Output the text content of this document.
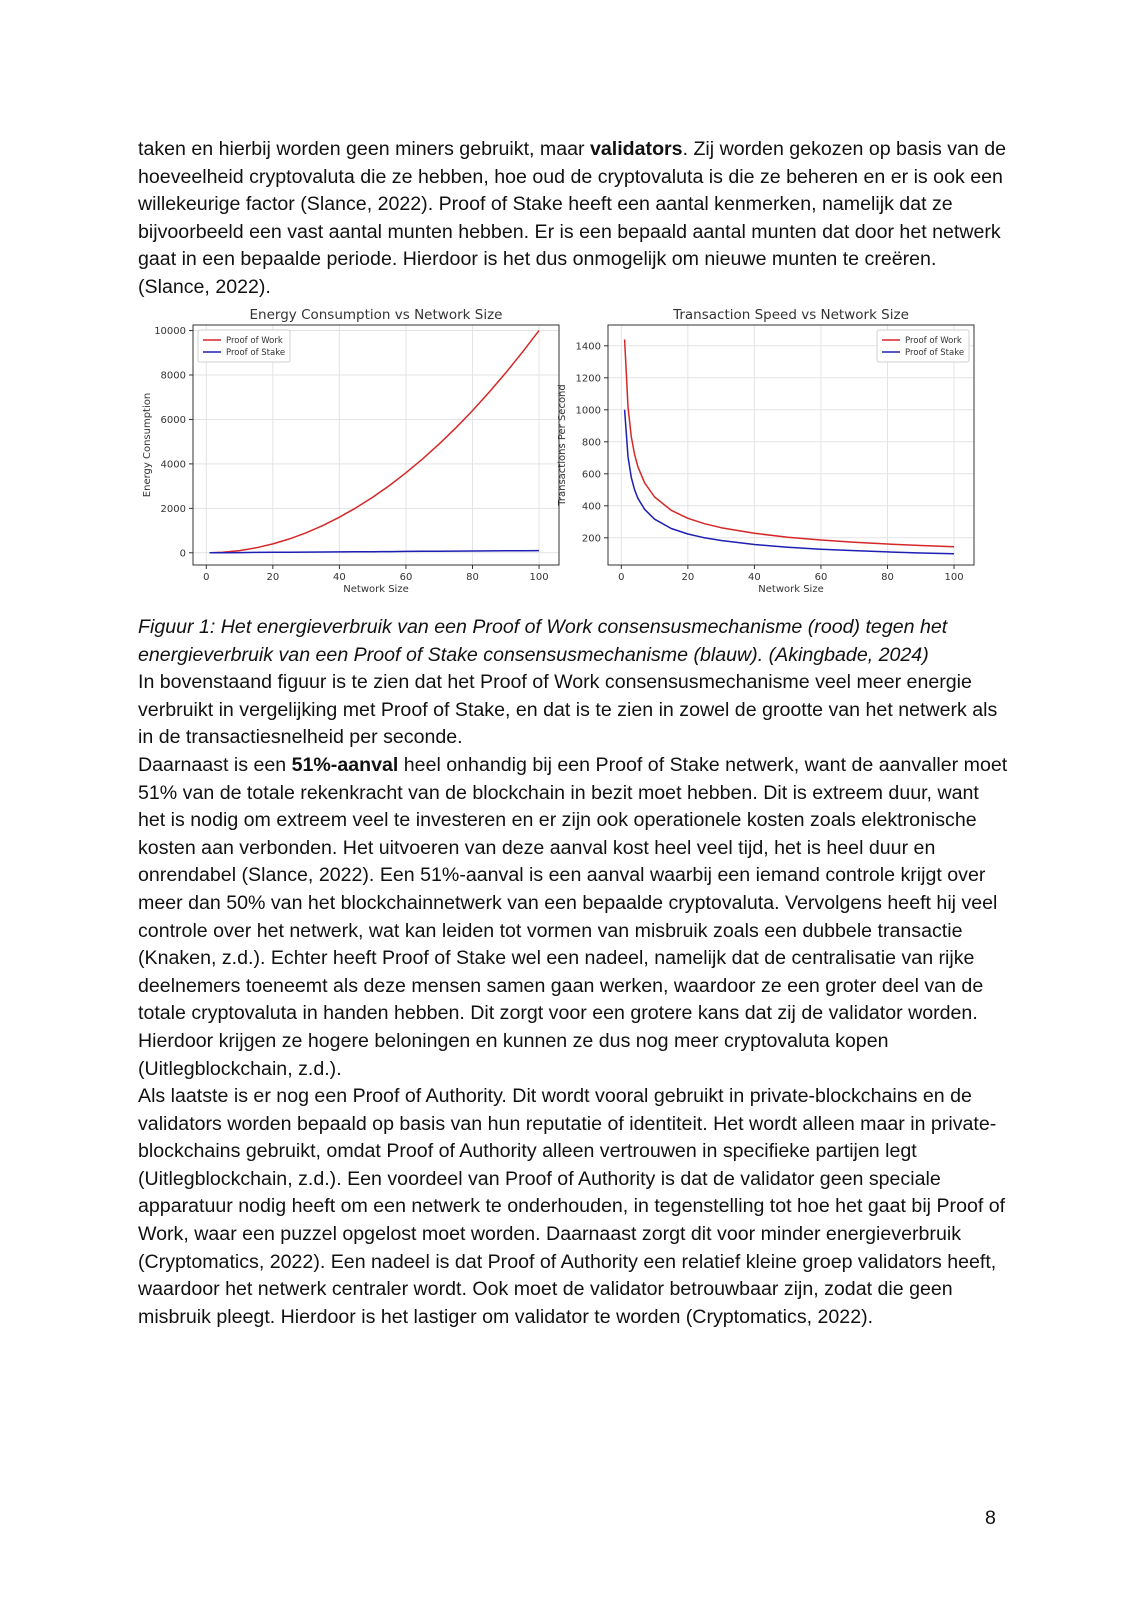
taken en hierbij worden geen miners gebruikt, maar validators. Zij worden gekozen op basis van de hoeveelheid cryptovaluta die ze hebben, hoe oud de cryptovaluta is die ze beheren en er is ook een willekeurige factor (Slance, 2022). Proof of Stake heeft een aantal kenmerken, namelijk dat ze bijvoorbeeld een vast aantal munten hebben. Er is een bepaald aantal munten dat door het netwerk gaat in een bepaalde periode. Hierdoor is het dus onmogelijk om nieuwe munten te creëren. (Slance, 2022).

0	20	40	60	80	100
0
2000
4000
6000
8000
10000
Energy Consumption vs Network Size
Network Size
Energy Consumption
Proof of Work
Proof of Stake
0	20	40	60	80	100
200
400
600
800
1000
1200
1400
Transaction Speed vs Network Size
Network Size
Transactions Per Second
Proof of Work
Proof of Stake

Figuur 1: Het energieverbruik van een Proof of Work consensusmechanisme (rood) tegen het energieverbruik van een Proof of Stake consensusmechanisme (blauw). (Akingbade, 2024)

In bovenstaand figuur is te zien dat het Proof of Work consensusmechanisme veel meer energie verbruikt in vergelijking met Proof of Stake, en dat is te zien in zowel de grootte van het netwerk als in de transactiesnelheid per seconde.

Daarnaast is een 51%-aanval heel onhandig bij een Proof of Stake netwerk, want de aanvaller moet 51% van de totale rekenkracht van de blockchain in bezit moet hebben. Dit is extreem duur, want het is nodig om extreem veel te investeren en er zijn ook operationele kosten zoals elektronische kosten aan verbonden. Het uitvoeren van deze aanval kost heel veel tijd, het is heel duur en onrendabel (Slance, 2022). Een 51%-aanval is een aanval waarbij een iemand controle krijgt over meer dan 50% van het blockchainnetwerk van een bepaalde cryptovaluta. Vervolgens heeft hij veel controle over het netwerk, wat kan leiden tot vormen van misbruik zoals een dubbele transactie (Knaken, z.d.). Echter heeft Proof of Stake wel een nadeel, namelijk dat de centralisatie van rijke deelnemers toeneemt als deze mensen samen gaan werken, waardoor ze een groter deel van de totale cryptovaluta in handen hebben. Dit zorgt voor een grotere kans dat zij de validator worden. Hierdoor krijgen ze hogere beloningen en kunnen ze dus nog meer cryptovaluta kopen (Uitlegblockchain, z.d.).

Als laatste is er nog een Proof of Authority. Dit wordt vooral gebruikt in private-blockchains en de validators worden bepaald op basis van hun reputatie of identiteit. Het wordt alleen maar in private-blockchains gebruikt, omdat Proof of Authority alleen vertrouwen in specifieke partijen legt (Uitlegblockchain, z.d.). Een voordeel van Proof of Authority is dat de validator geen speciale apparatuur nodig heeft om een netwerk te onderhouden, in tegenstelling tot hoe het gaat bij Proof of Work, waar een puzzel opgelost moet worden. Daarnaast zorgt dit voor minder energieverbruik (Cryptomatics, 2022). Een nadeel is dat Proof of Authority een relatief kleine groep validators heeft, waardoor het netwerk centraler wordt. Ook moet de validator betrouwbaar zijn, zodat die geen misbruik pleegt. Hierdoor is het lastiger om validator te worden (Cryptomatics, 2022).

8
